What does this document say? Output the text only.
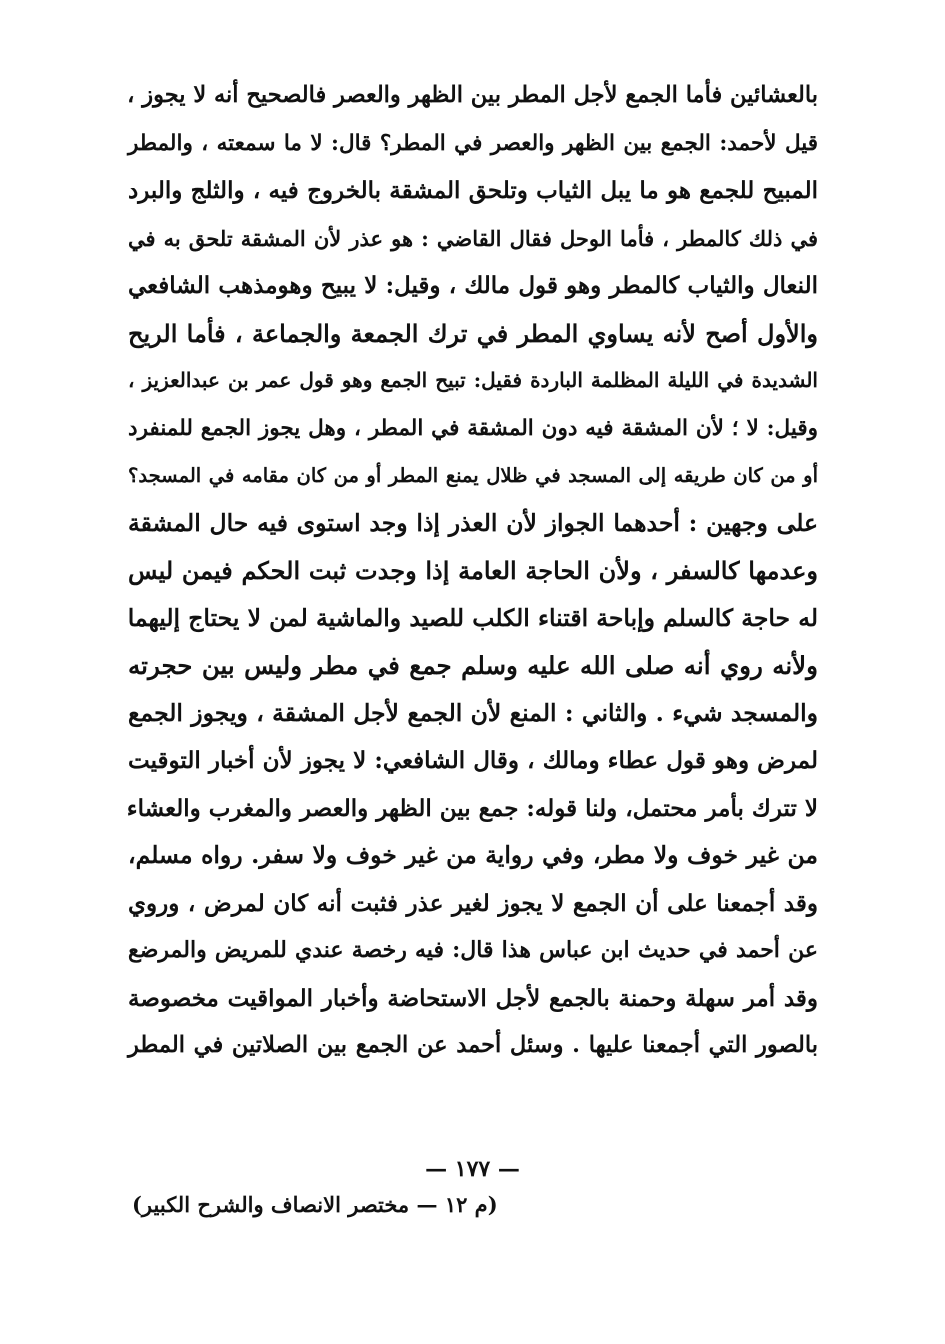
بالعشائين فأما الجمع لأجل المطر بين الظهر والعصر فالصحيح أنه لا يجوز ،
قيل لأحمد: الجمع بين الظهر والعصر في المطر؟ قال: لا ما سمعته ، والمطر
المبيح للجمع هو ما يبل الثياب وتلحق المشقة بالخروج فيه ، والثلج والبرد
في ذلك كالمطر ، فأما الوحل فقال القاضي : هو عذر لأن المشقة تلحق به في
النعال والثياب كالمطر وهو قول مالك ، وقيل: لا يبيح وهومذهب الشافعي
والأول أصح لأنه يساوي المطر في ترك الجمعة والجماعة ، فأما الريح
الشديدة في الليلة المظلمة الباردة فقيل: تبيح الجمع وهو قول عمر بن عبدالعزيز ،
وقيل: لا ؛ لأن المشقة فيه دون المشقة في المطر ، وهل يجوز الجمع للمنفرد
أو من كان طريقه إلى المسجد في ظلال يمنع المطر أو من كان مقامه في المسجد؟
على وجهين : أحدهما الجواز لأن العذر إذا وجد استوى فيه حال المشقة
وعدمها كالسفر ، ولأن الحاجة العامة إذا وجدت ثبت الحكم فيمن ليس
له حاجة كالسلم وإباحة اقتناء الكلب للصيد والماشية لمن لا يحتاج إليهما
ولأنه روي أنه صلى الله عليه وسلم جمع في مطر وليس بين حجرته
والمسجد شيء . والثاني : المنع لأن الجمع لأجل المشقة ، ويجوز الجمع
لمرض وهو قول عطاء ومالك ، وقال الشافعي: لا يجوز لأن أخبار التوقيت
لا تترك بأمر محتمل، ولنا قوله: جمع بين الظهر والعصر والمغرب والعشاء
من غير خوف ولا مطر، وفي رواية من غير خوف ولا سفر. رواه مسلم،
وقد أجمعنا على أن الجمع لا يجوز لغير عذر فثبت أنه كان لمرض ، وروي
عن أحمد في حديث ابن عباس هذا قال: فيه رخصة عندي للمريض والمرضع
وقد أمر سهلة وحمنة بالجمع لأجل الاستحاضة وأخبار المواقيت مخصوصة
بالصور التي أجمعنا عليها . وسئل أحمد عن الجمع بين الصلاتين في المطر
— ١٧٧ —
(م ١٢ — مختصر الانصاف والشرح الكبير)
